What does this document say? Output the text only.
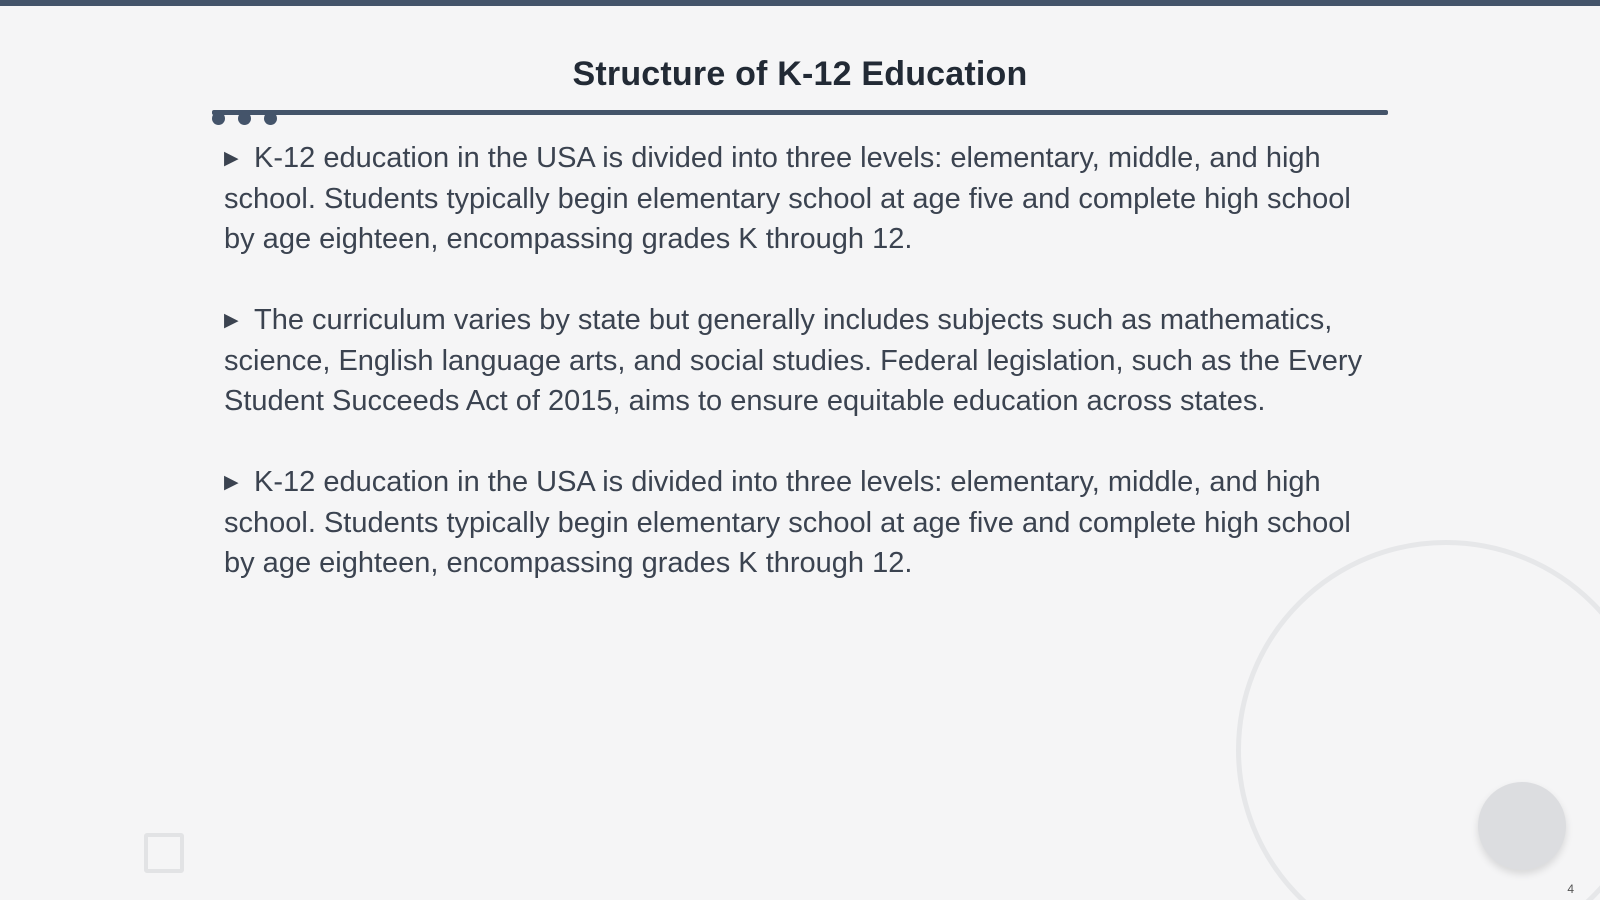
Structure of K-12 Education

▶ K-12 education in the USA is divided into three levels: elementary, middle, and high school. Students typically begin elementary school at age five and complete high school by age eighteen, encompassing grades K through 12.

▶ The curriculum varies by state but generally includes subjects such as mathematics, science, English language arts, and social studies. Federal legislation, such as the Every Student Succeeds Act of 2015, aims to ensure equitable education across states.

▶ K-12 education in the USA is divided into three levels: elementary, middle, and high school. Students typically begin elementary school at age five and complete high school by age eighteen, encompassing grades K through 12.

4
